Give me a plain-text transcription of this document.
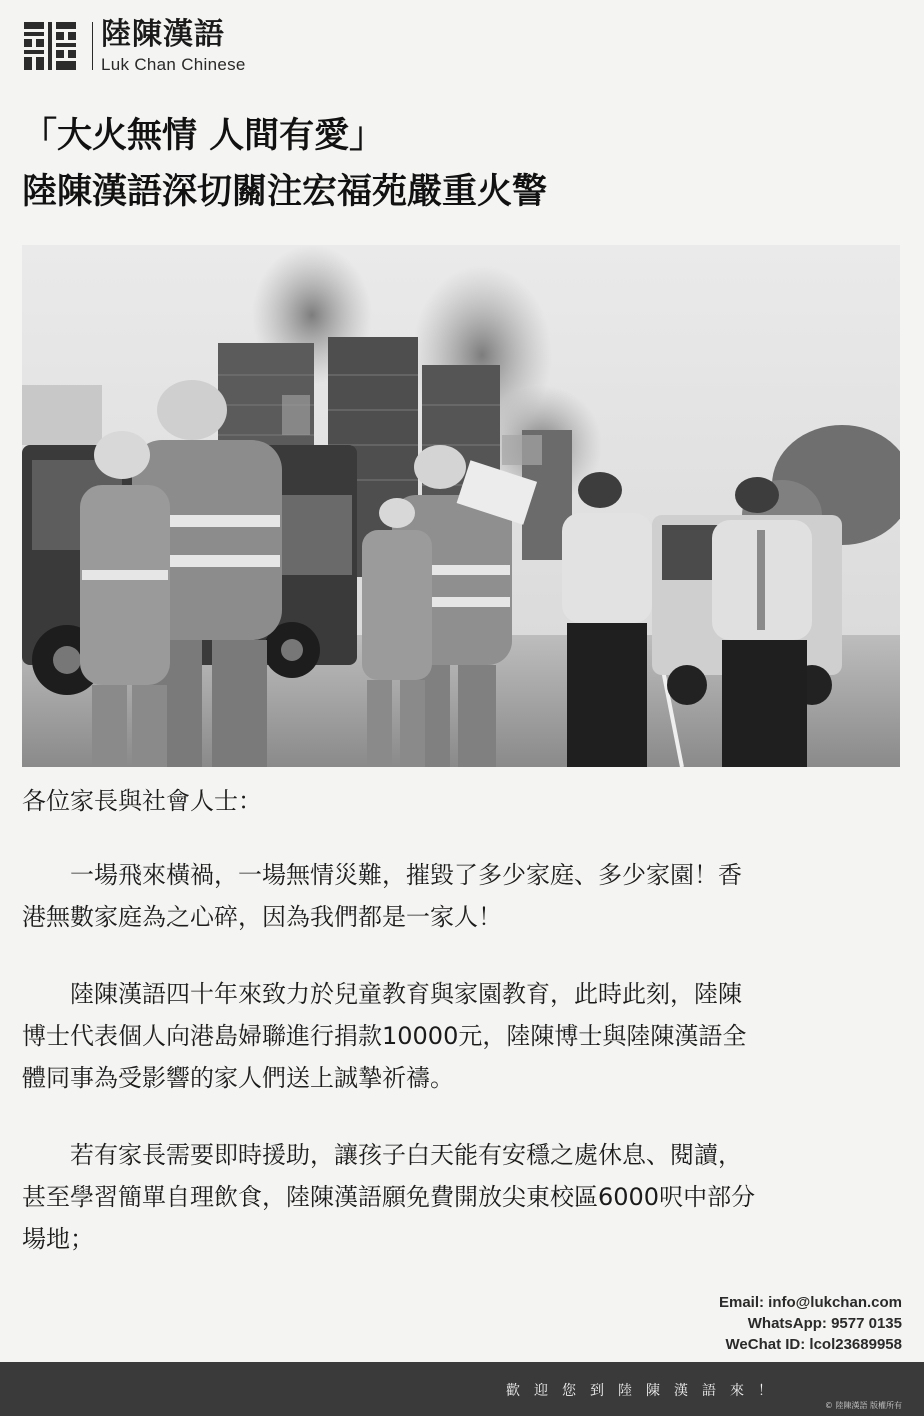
陸陳漢語
Luk Chan Chinese
「大火無情 人間有愛」
陸陳漢語深切關注宏福苑嚴重火警
各位家長與社會人士：
　　一場飛來橫禍，一場無情災難，摧毀了多少家庭、多少家園！香
港無數家庭為之心碎，因為我們都是一家人！
　　陸陳漢語四十年來致力於兒童教育與家園教育，此時此刻，陸陳
博士代表個人向港島婦聯進行捐款10000元，陸陳博士與陸陳漢語全
體同事為受影響的家人們送上誠摯祈禱。
　　若有家長需要即時援助，讓孩子白天能有安穩之處休息、閱讀，
甚至學習簡單自理飲食，陸陳漢語願免費開放尖東校區6000呎中部分
場地；
Email: info@lukchan.com
WhatsApp: 9577 0135
WeChat ID: lcol23689958
歡迎您到陸陳漢語來！
© 陸陳漢語 版權所有
